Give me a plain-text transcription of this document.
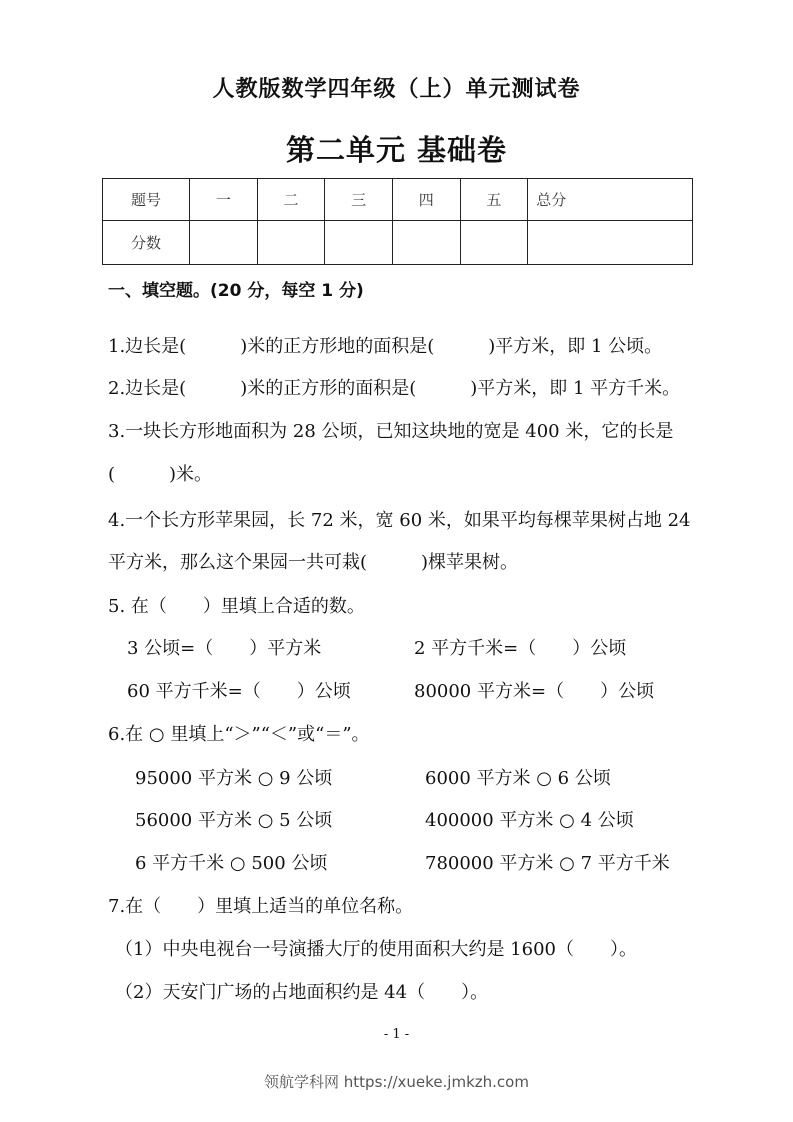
人教版数学四年级（上）单元测试卷
第二单元 基础卷
题号	一	二	三	四	五	总分
分数						
一、填空题。(20 分，每空 1 分)
1.边长是(　　　)米的正方形地的面积是(　　　)平方米，即 1 公顷。
2.边长是(　　　)米的正方形的面积是(　　　)平方米，即 1 平方千米。
3.一块长方形地面积为 28 公顷，已知这块地的宽是 400 米，它的长是
(　　　)米。
4.一个长方形苹果园，长 72 米，宽 60 米，如果平均每棵苹果树占地 24
平方米，那么这个果园一共可栽(　　　)棵苹果树。
5. 在（　　）里填上合适的数。
3 公顷=（　　）平方米	2 平方千米=（　　）公顷
60 平方千米=（　　）公顷	80000 平方米=（　　）公顷
6.在 ○ 里填上“＞”“＜”或“＝”。
95000 平方米 ○ 9 公顷	6000 平方米 ○ 6 公顷
56000 平方米 ○ 5 公顷	400000 平方米 ○ 4 公顷
6 平方千米 ○ 500 公顷	780000 平方米 ○ 7 平方千米
7.在（　　）里填上适当的单位名称。
（1）中央电视台一号演播大厅的使用面积大约是 1600（　　）。
（2）天安门广场的占地面积约是 44（　　）。
- 1 -
领航学科网 https://xueke.jmkzh.com
